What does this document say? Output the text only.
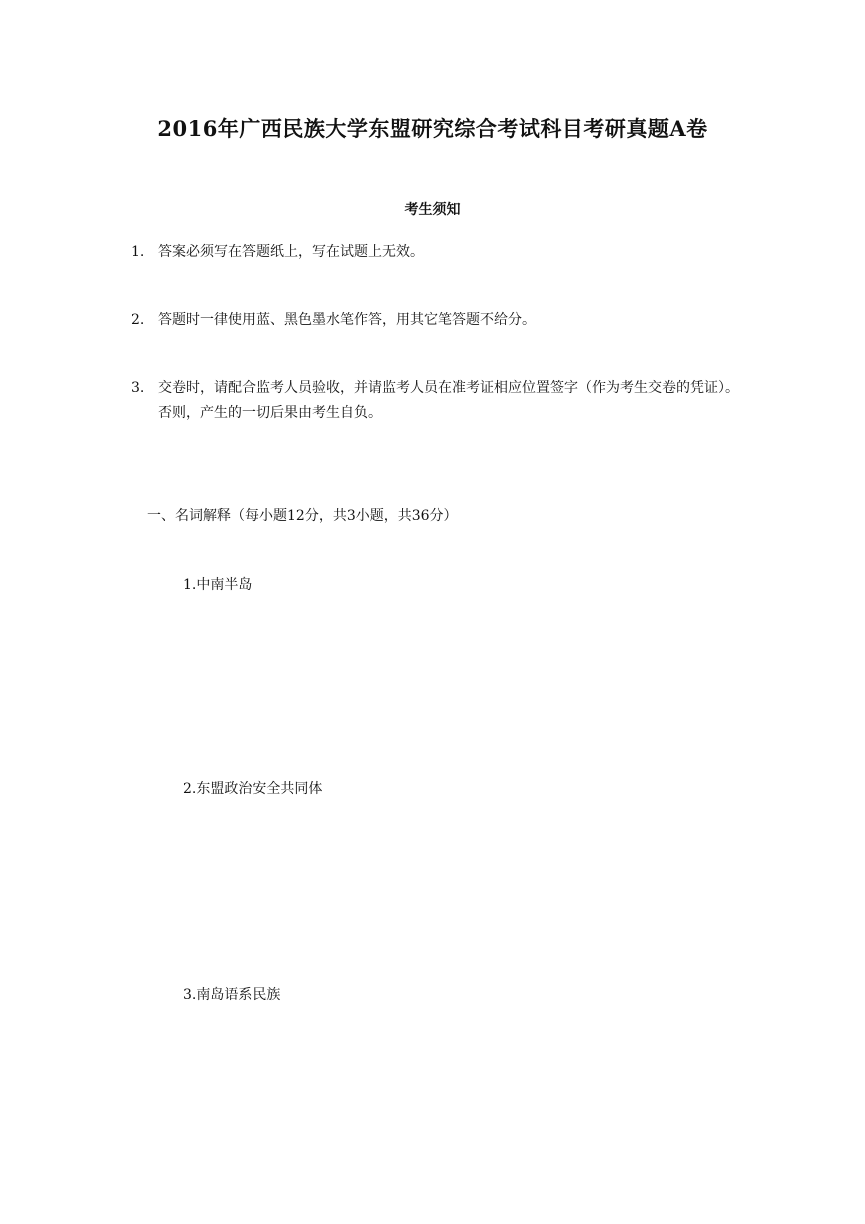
2016年广西民族大学东盟研究综合考试科目考研真题A卷
考生须知
1. 答案必须写在答题纸上，写在试题上无效。
2. 答题时一律使用蓝、黑色墨水笔作答，用其它笔答题不给分。
3. 交卷时，请配合监考人员验收，并请监考人员在准考证相应位置签字（作为考生交卷的凭证）。否则，产生的一切后果由考生自负。
一、名词解释（每小题12分，共3小题，共36分）
1.中南半岛
2.东盟政治安全共同体
3.南岛语系民族
